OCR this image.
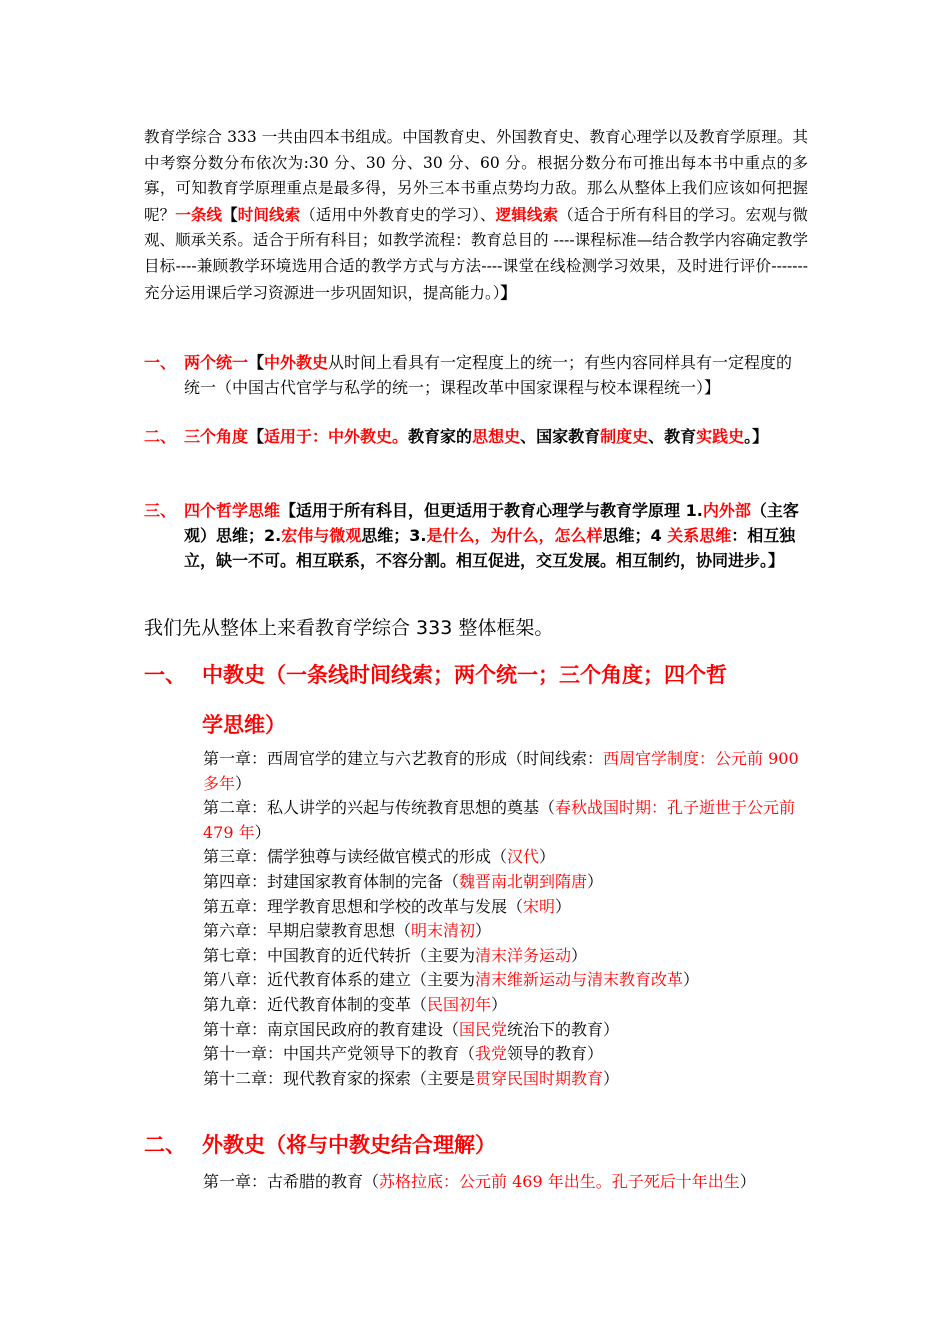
教育学综合 333 一共由四本书组成。中国教育史、外国教育史、教育心理学以及教育学原理。其中考察分数分布依次为:30 分、30 分、30 分、60 分。根据分数分布可推出每本书中重点的多寡，可知教育学原理重点是最多得，另外三本书重点势均力敌。那么从整体上我们应该如何把握呢？一条线【时间线索（适用中外教育史的学习）、逻辑线索（适合于所有科目的学习。宏观与微观、顺承关系。适合于所有科目；如教学流程：教育总目的 ----课程标准—结合教学内容确定教学目标----兼顾教学环境选用合适的教学方式与方法----课堂在线检测学习效果，及时进行评价-------充分运用课后学习资源进一步巩固知识，提高能力。）】

一、 两个统一【中外教史从时间上看具有一定程度上的统一；有些内容同样具有一定程度的统一（中国古代官学与私学的统一；课程改革中国家课程与校本课程统一）】

二、 三个角度【适用于：中外教史。教育家的思想史、国家教育制度史、教育实践史。】

三、 四个哲学思维【适用于所有科目，但更适用于教育心理学与教育学原理 1.内外部（主客观）思维；2.宏伟与微观思维；3.是什么，为什么，怎么样思维；4 关系思维：相互独立，缺一不可。相互联系，不容分割。相互促进，交互发展。相互制约，协同进步。】

我们先从整体上来看教育学综合 333 整体框架。

一、 中教史（一条线时间线索；两个统一；三个角度；四个哲
学思维）
第一章：西周官学的建立与六艺教育的形成（时间线索：西周官学制度：公元前 900 多年）
第二章：私人讲学的兴起与传统教育思想的奠基（春秋战国时期：孔子逝世于公元前 479 年）
第三章：儒学独尊与读经做官模式的形成（汉代）
第四章：封建国家教育体制的完备（魏晋南北朝到隋唐）
第五章：理学教育思想和学校的改革与发展（宋明）
第六章：早期启蒙教育思想（明末清初）
第七章：中国教育的近代转折（主要为清末洋务运动）
第八章：近代教育体系的建立（主要为清末维新运动与清末教育改革）
第九章：近代教育体制的变革（民国初年）
第十章：南京国民政府的教育建设（国民党统治下的教育）
第十一章：中国共产党领导下的教育（我党领导的教育）
第十二章：现代教育家的探索（主要是贯穿民国时期教育）
二、 外教史（将与中教史结合理解）
第一章：古希腊的教育（苏格拉底：公元前 469 年出生。孔子死后十年出生）
